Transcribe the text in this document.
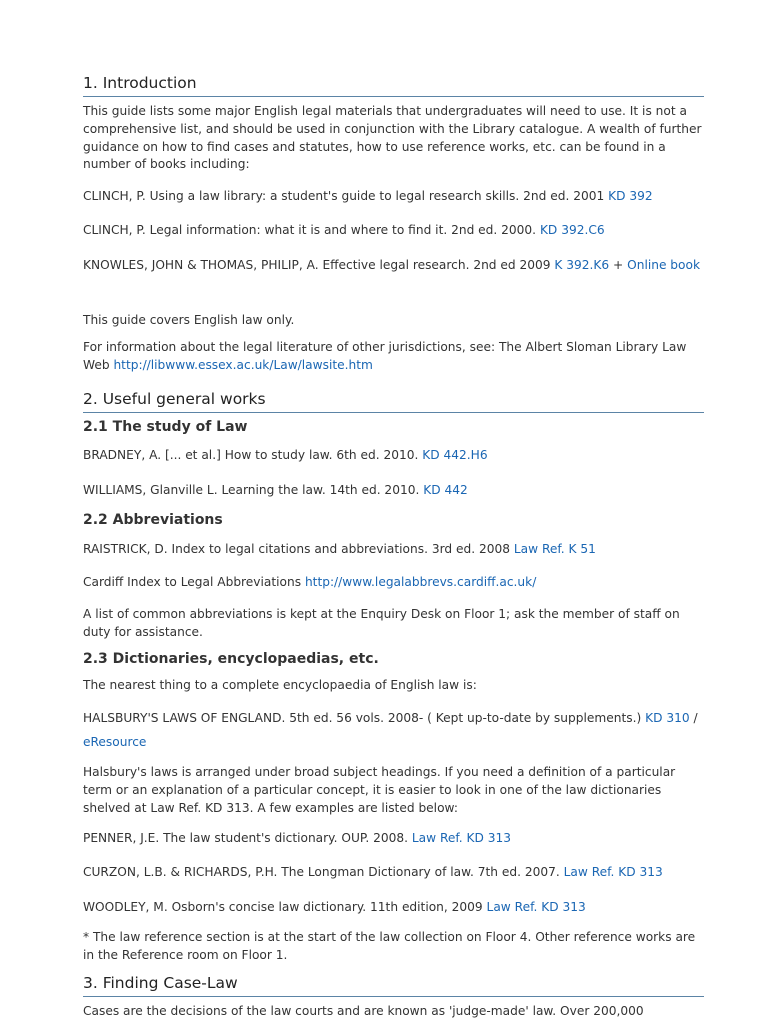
1. Introduction

This guide lists some major English legal materials that undergraduates will need to use. It is not a comprehensive list, and should be used in conjunction with the Library catalogue. A wealth of further guidance on how to find cases and statutes, how to use reference works, etc. can be found in a number of books including:

CLINCH, P. Using a law library: a student's guide to legal research skills. 2nd ed. 2001 KD 392

CLINCH, P. Legal information: what it is and where to find it. 2nd ed. 2000. KD 392.C6

KNOWLES, JOHN & THOMAS, PHILIP, A. Effective legal research. 2nd ed 2009 K 392.K6 + Online book

This guide covers English law only.

For information about the legal literature of other jurisdictions, see: The Albert Sloman Library Law Web http://libwww.essex.ac.uk/Law/lawsite.htm

2. Useful general works
2.1 The study of Law

BRADNEY, A. [... et al.] How to study law. 6th ed. 2010. KD 442.H6

WILLIAMS, Glanville L. Learning the law. 14th ed. 2010. KD 442

2.2 Abbreviations

RAISTRICK, D. Index to legal citations and abbreviations. 3rd ed. 2008 Law Ref. K 51

Cardiff Index to Legal Abbreviations http://www.legalabbrevs.cardiff.ac.uk/

A list of common abbreviations is kept at the Enquiry Desk on Floor 1; ask the member of staff on duty for assistance.

2.3 Dictionaries, encyclopaedias, etc.

The nearest thing to a complete encyclopaedia of English law is:

HALSBURY'S LAWS OF ENGLAND. 5th ed. 56 vols. 2008- ( Kept up-to-date by supplements.) KD 310 / eResource

Halsbury's laws is arranged under broad subject headings. If you need a definition of a particular term or an explanation of a particular concept, it is easier to look in one of the law dictionaries shelved at Law Ref. KD 313. A few examples are listed below:

PENNER, J.E. The law student's dictionary. OUP. 2008. Law Ref. KD 313

CURZON, L.B. & RICHARDS, P.H. The Longman Dictionary of law. 7th ed. 2007. Law Ref. KD 313

WOODLEY, M. Osborn's concise law dictionary. 11th edition, 2009 Law Ref. KD 313

* The law reference section is at the start of the law collection on Floor 4. Other reference works are in the Reference room on Floor 1.

3. Finding Case-Law

Cases are the decisions of the law courts and are known as 'judge-made' law. Over 200,000
